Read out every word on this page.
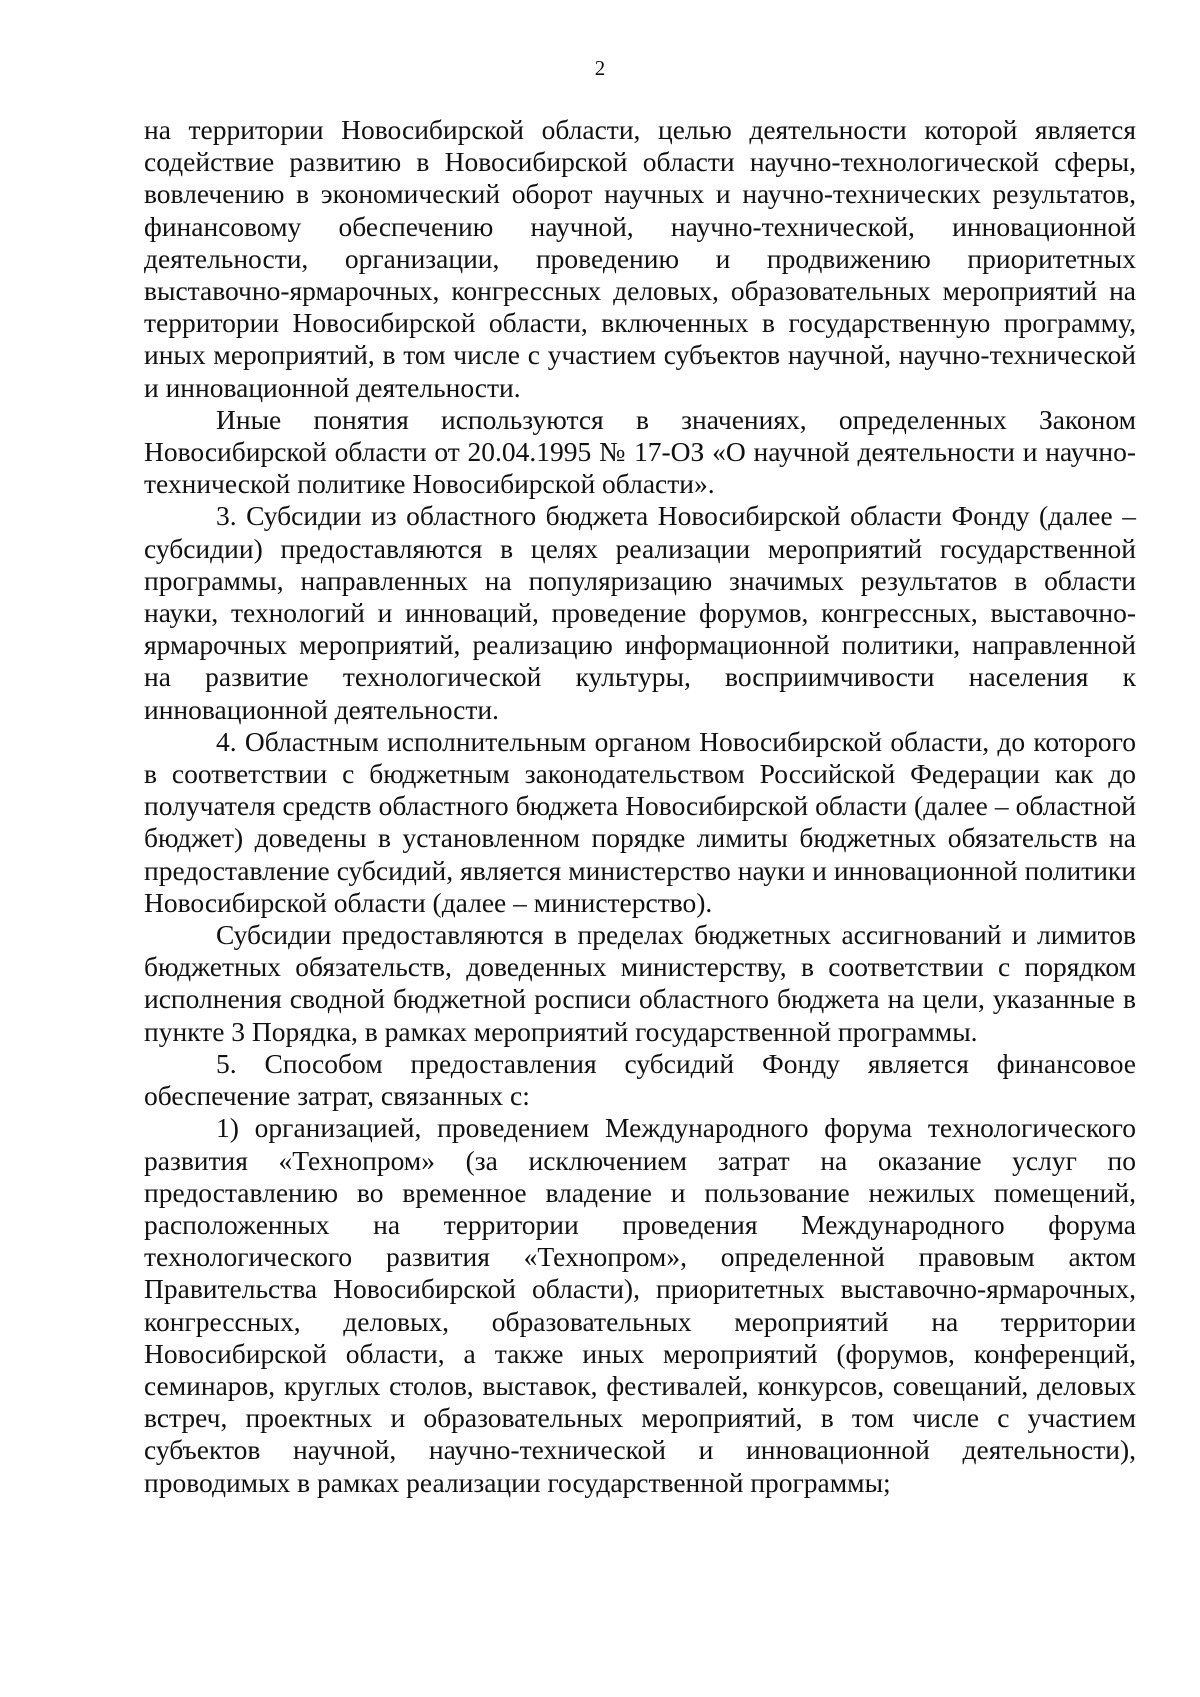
2

на территории Новосибирской области, целью деятельности которой является содействие развитию в Новосибирской области научно-технологической сферы, вовлечению в экономический оборот научных и научно-технических результатов, финансовому обеспечению научной, научно-технической, инновационной деятельности, организации, проведению и продвижению приоритетных выставочно-ярмарочных, конгрессных деловых, образовательных мероприятий на территории Новосибирской области, включенных в государственную программу, иных мероприятий, в том числе с участием субъектов научной, научно-технической и инновационной деятельности.

Иные понятия используются в значениях, определенных Законом Новосибирской области от 20.04.1995 № 17-ОЗ «О научной деятельности и научно-технической политике Новосибирской области».

3. Субсидии из областного бюджета Новосибирской области Фонду (далее – субсидии) предоставляются в целях реализации мероприятий государственной программы, направленных на популяризацию значимых результатов в области науки, технологий и инноваций, проведение форумов, конгрессных, выставочно-ярмарочных мероприятий, реализацию информационной политики, направленной на развитие технологической культуры, восприимчивости населения к инновационной деятельности.

4. Областным исполнительным органом Новосибирской области, до которого в соответствии с бюджетным законодательством Российской Федерации как до получателя средств областного бюджета Новосибирской области (далее – областной бюджет) доведены в установленном порядке лимиты бюджетных обязательств на предоставление субсидий, является министерство науки и инновационной политики Новосибирской области (далее – министерство).

Субсидии предоставляются в пределах бюджетных ассигнований и лимитов бюджетных обязательств, доведенных министерству, в соответствии с порядком исполнения сводной бюджетной росписи областного бюджета на цели, указанные в пункте 3 Порядка, в рамках мероприятий государственной программы.

5. Способом предоставления субсидий Фонду является финансовое обеспечение затрат, связанных с:

1) организацией, проведением Международного форума технологического развития «Технопром» (за исключением затрат на оказание услуг по предоставлению во временное владение и пользование нежилых помещений, расположенных на территории проведения Международного форума технологического развития «Технопром», определенной правовым актом Правительства Новосибирской области), приоритетных выставочно-ярмарочных, конгрессных, деловых, образовательных мероприятий на территории Новосибирской области, а также иных мероприятий (форумов, конференций, семинаров, круглых столов, выставок, фестивалей, конкурсов, совещаний, деловых встреч, проектных и образовательных мероприятий, в том числе с участием субъектов научной, научно-технической и инновационной деятельности), проводимых в рамках реализации государственной программы;
